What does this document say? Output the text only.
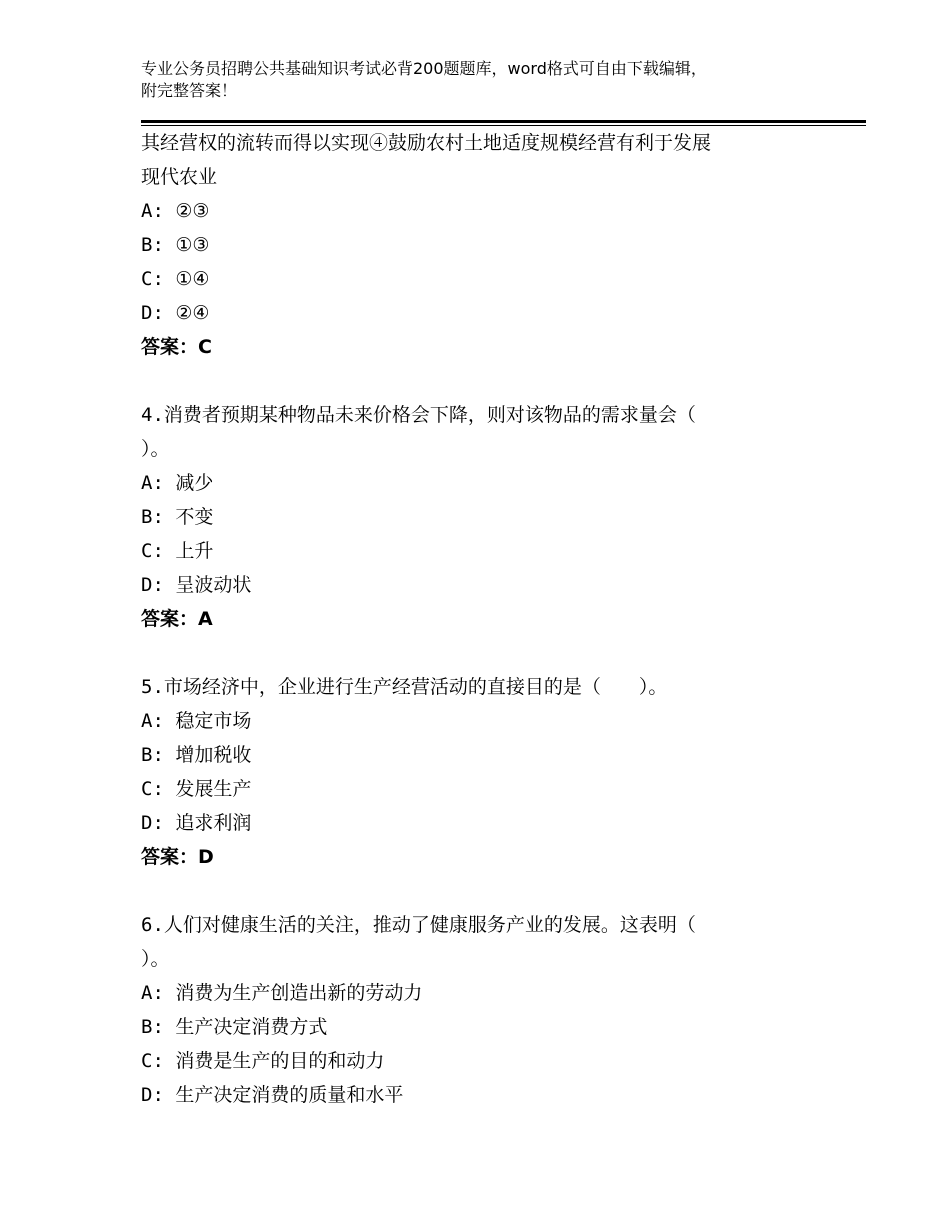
专业公务员招聘公共基础知识考试必背200题题库，word格式可自由下载编辑，
附完整答案！
其经营权的流转而得以实现④鼓励农村土地适度规模经营有利于发展
现代农业
A: ②③
B: ①③
C: ①④
D: ②④
答案：C
4.消费者预期某种物品未来价格会下降，则对该物品的需求量会（
）。
A: 减少
B: 不变
C: 上升
D: 呈波动状
答案：A
5.市场经济中，企业进行生产经营活动的直接目的是（　　）。
A: 稳定市场
B: 增加税收
C: 发展生产
D: 追求利润
答案：D
6.人们对健康生活的关注，推动了健康服务产业的发展。这表明（
）。
A: 消费为生产创造出新的劳动力
B: 生产决定消费方式
C: 消费是生产的目的和动力
D: 生产决定消费的质量和水平
